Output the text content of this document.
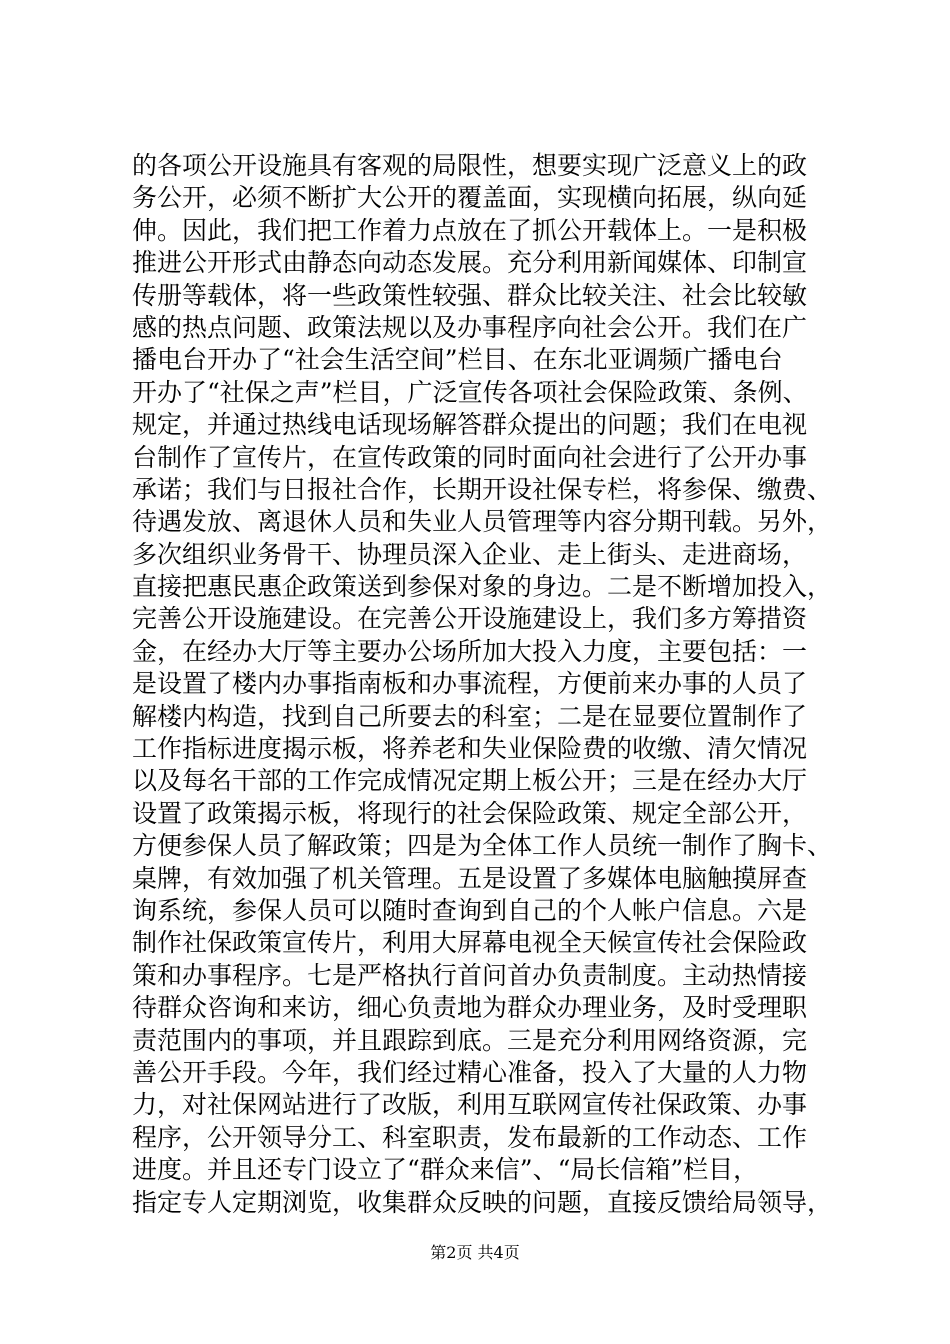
的各项公开设施具有客观的局限性，想要实现广泛意义上的政
务公开，必须不断扩大公开的覆盖面，实现横向拓展，纵向延
伸。因此，我们把工作着力点放在了抓公开载体上。一是积极
推进公开形式由静态向动态发展。充分利用新闻媒体、印制宣
传册等载体，将一些政策性较强、群众比较关注、社会比较敏
感的热点问题、政策法规以及办事程序向社会公开。我们在广
播电台开办了“社会生活空间”栏目、在东北亚调频广播电台
开办了“社保之声”栏目，广泛宣传各项社会保险政策、条例、
规定，并通过热线电话现场解答群众提出的问题；我们在电视
台制作了宣传片，在宣传政策的同时面向社会进行了公开办事
承诺；我们与日报社合作，长期开设社保专栏，将参保、缴费、
待遇发放、离退休人员和失业人员管理等内容分期刊载。另外，
多次组织业务骨干、协理员深入企业、走上街头、走进商场，
直接把惠民惠企政策送到参保对象的身边。二是不断增加投入，
完善公开设施建设。在完善公开设施建设上，我们多方筹措资
金，在经办大厅等主要办公场所加大投入力度，主要包括：一
是设置了楼内办事指南板和办事流程，方便前来办事的人员了
解楼内构造，找到自己所要去的科室；二是在显要位置制作了
工作指标进度揭示板，将养老和失业保险费的收缴、清欠情况
以及每名干部的工作完成情况定期上板公开；三是在经办大厅
设置了政策揭示板，将现行的社会保险政策、规定全部公开，
方便参保人员了解政策；四是为全体工作人员统一制作了胸卡、
桌牌，有效加强了机关管理。五是设置了多媒体电脑触摸屏查
询系统，参保人员可以随时查询到自己的个人帐户信息。六是
制作社保政策宣传片，利用大屏幕电视全天候宣传社会保险政
策和办事程序。七是严格执行首问首办负责制度。主动热情接
待群众咨询和来访，细心负责地为群众办理业务，及时受理职
责范围内的事项，并且跟踪到底。三是充分利用网络资源，完
善公开手段。今年，我们经过精心准备，投入了大量的人力物
力，对社保网站进行了改版，利用互联网宣传社保政策、办事
程序，公开领导分工、科室职责，发布最新的工作动态、工作
进度。并且还专门设立了“群众来信”、“局长信箱”栏目，
指定专人定期浏览，收集群众反映的问题，直接反馈给局领导，
第2页 共4页
